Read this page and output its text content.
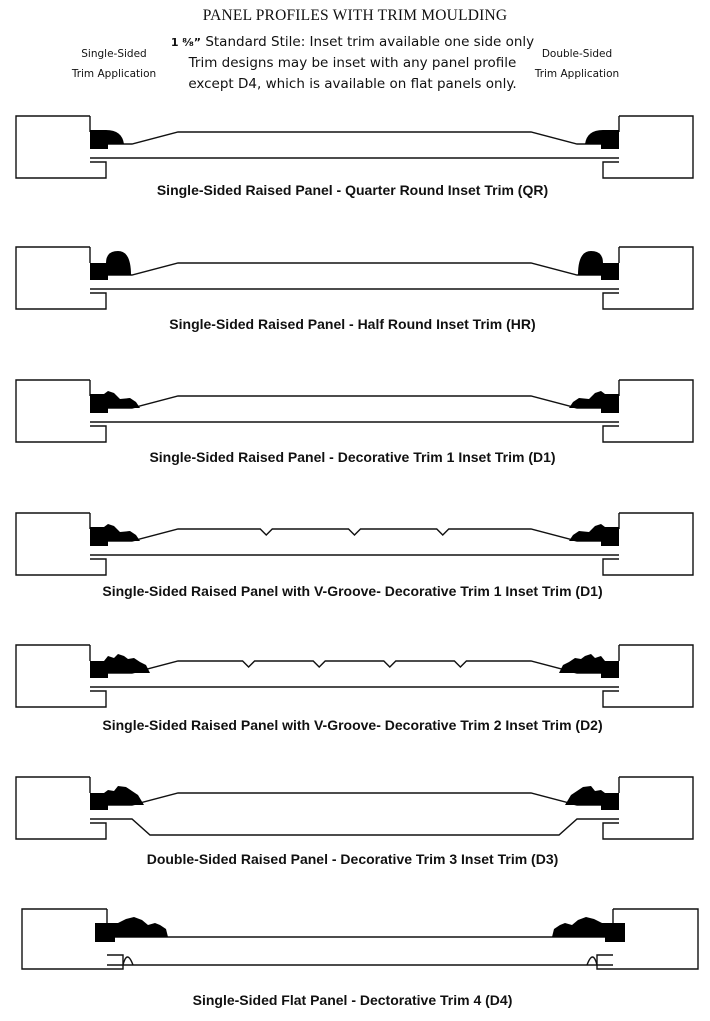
PANEL PROFILES WITH TRIM MOULDING
1 ⁸⁄₈” Standard Stile: Inset trim available one side only
Trim designs may be inset with any panel profile
except D4, which is available on flat panels only.
Single-Sided
Trim Application
Double-Sided
Trim Application
Single-Sided Raised Panel - Quarter Round Inset Trim (QR)
Single-Sided Raised Panel - Half Round Inset Trim (HR)
Single-Sided Raised Panel - Decorative Trim 1 Inset Trim (D1)
Single-Sided Raised Panel with V-Groove- Decorative Trim 1 Inset Trim (D1)
Single-Sided Raised Panel with V-Groove- Decorative Trim 2 Inset Trim (D2)
Double-Sided Raised Panel - Decorative Trim 3 Inset Trim (D3)
Single-Sided Flat Panel - Dectorative Trim 4 (D4)
